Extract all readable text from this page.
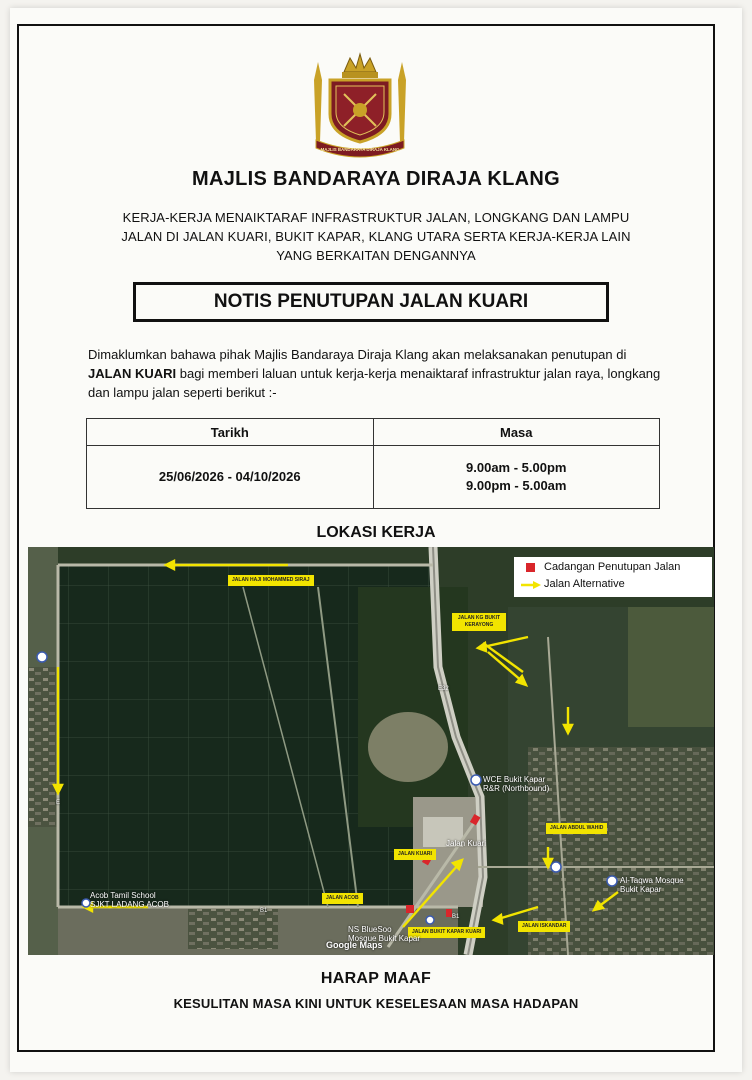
MAJLIS BANDARAYA DIRAJA KLANG
MAJLIS BANDARAYA DIRAJA KLANG
KERJA-KERJA MENAIKTARAF INFRASTRUKTUR JALAN, LONGKANG DAN LAMPU
JALAN DI JALAN KUARI, BUKIT KAPAR, KLANG UTARA SERTA KERJA-KERJA LAIN
YANG BERKAITAN DENGANNYA
NOTIS PENUTUPAN JALAN KUARI
Dimaklumkan bahawa pihak Majlis Bandaraya Diraja Klang akan melaksanakan penutupan di JALAN KUARI bagi memberi laluan untuk kerja-kerja menaiktaraf infrastruktur jalan raya, longkang dan lampu jalan seperti berikut :-
Tarikh	Masa
25/06/2026 - 04/10/2026	9.00am - 5.00pm
9.00pm - 5.00am
LOKASI KERJA
JALAN HAJI MOHAMMED SIRAJ
JALAN KG BUKIT KERAYONG
JALAN ABDUL WAHID
JALAN KUARI
JALAN ACOB
JALAN BUKIT KAPAR KUARI
JALAN ISKANDAR
WCE Bukit Kapar
R&R (Northbound)
Jalan Kuari
Al-Taqwa Mosque
Bukit Kapar
Acob Tamil School
SJKT LADANG ACOB
NS BlueSoo
Mosque Bukit Kapar
Google Maps
E32
B1
B1
E
Cadangan Penutupan Jalan
Jalan Alternative
HARAP MAAF
KESULITAN MASA KINI UNTUK KESELESAAN MASA HADAPAN
